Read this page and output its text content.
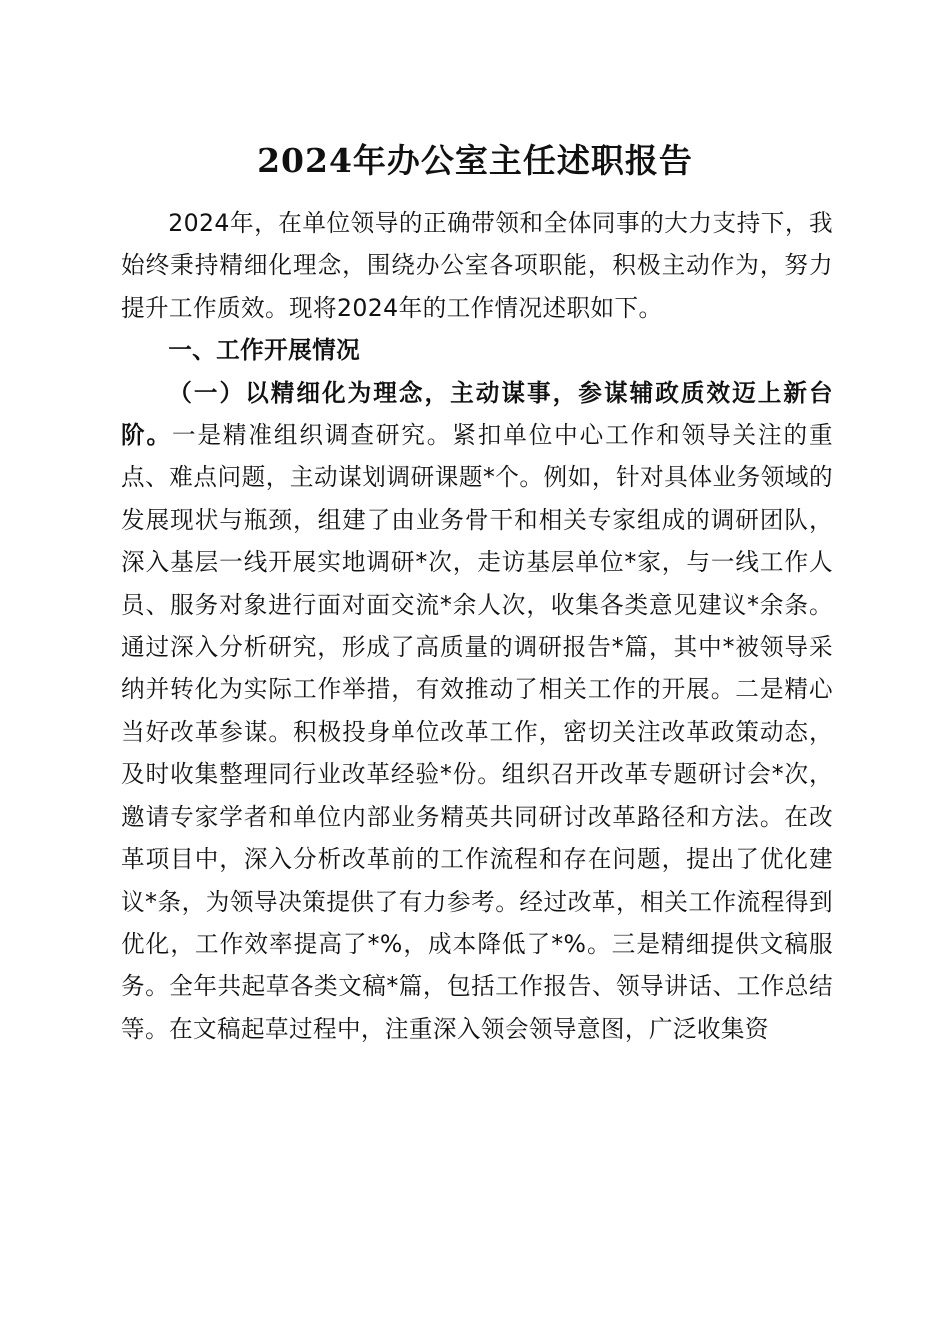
2024年办公室主任述职报告

2024年，在单位领导的正确带领和全体同事的大力支持下，我始终秉持精细化理念，围绕办公室各项职能，积极主动作为，努力提升工作质效。现将2024年的工作情况述职如下。

一、工作开展情况

（一）以精细化为理念，主动谋事，参谋辅政质效迈上新台阶。一是精准组织调查研究。紧扣单位中心工作和领导关注的重点、难点问题，主动谋划调研课题*个。例如，针对具体业务领域的发展现状与瓶颈，组建了由业务骨干和相关专家组成的调研团队，深入基层一线开展实地调研*次，走访基层单位*家，与一线工作人员、服务对象进行面对面交流*余人次，收集各类意见建议*余条。通过深入分析研究，形成了高质量的调研报告*篇，其中*被领导采纳并转化为实际工作举措，有效推动了相关工作的开展。二是精心当好改革参谋。积极投身单位改革工作，密切关注改革政策动态，及时收集整理同行业改革经验*份。组织召开改革专题研讨会*次，邀请专家学者和单位内部业务精英共同研讨改革路径和方法。在改革项目中，深入分析改革前的工作流程和存在问题，提出了优化建议*条，为领导决策提供了有力参考。经过改革，相关工作流程得到优化，工作效率提高了*%，成本降低了*%。三是精细提供文稿服务。全年共起草各类文稿*篇，包括工作报告、领导讲话、工作总结等。在文稿起草过程中，注重深入领会领导意图，广泛收集资
